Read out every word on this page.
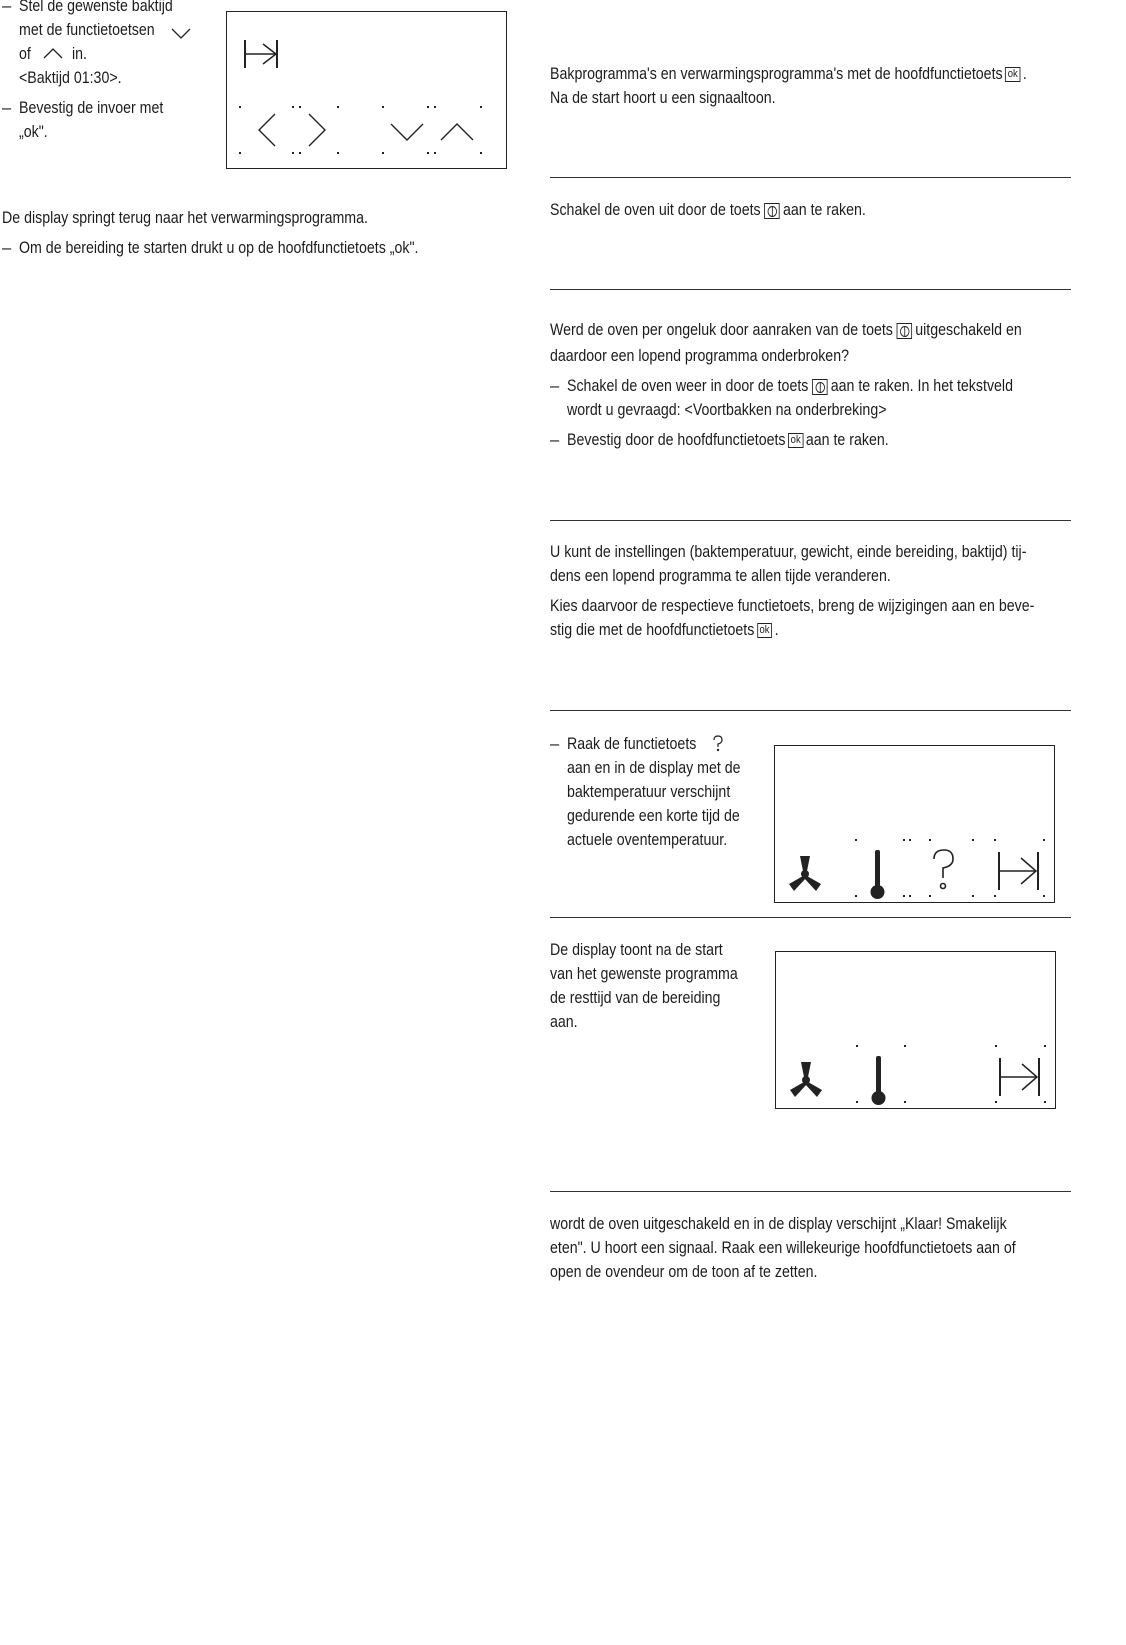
– Stel de gewenste baktijd
met de functietoetsen
of in.
<Baktijd 01:30>.
– Bevestig de invoer met
„ok".
De display springt terug naar het verwarmingsprogramma.
– Om de bereiding te starten drukt u op de hoofdfunctietoets „ok".
Bakprogramma's en verwarmingsprogramma's met de hoofdfunctietoets ok .
Na de start hoort u een signaaltoon.
Schakel de oven uit door de toets aan te raken.
Werd de oven per ongeluk door aanraken van de toets uitgeschakeld en
daardoor een lopend programma onderbroken?
– Schakel de oven weer in door de toets aan te raken. In het tekstveld
wordt u gevraagd: <Voortbakken na onderbreking>
– Bevestig door de hoofdfunctietoets ok aan te raken.
U kunt de instellingen (baktemperatuur, gewicht, einde bereiding, baktijd) tij-
dens een lopend programma te allen tijde veranderen.
Kies daarvoor de respectieve functietoets, breng de wijzigingen aan en beve-
stig die met de hoofdfunctietoets ok .
– Raak de functietoets
aan en in de display met de
baktemperatuur verschijnt
gedurende een korte tijd de
actuele oventemperatuur.
De display toont na de start
van het gewenste programma
de resttijd van de bereiding
aan.
wordt de oven uitgeschakeld en in de display verschijnt „Klaar! Smakelijk
eten". U hoort een signaal. Raak een willekeurige hoofdfunctietoets aan of
open de ovendeur om de toon af te zetten.
